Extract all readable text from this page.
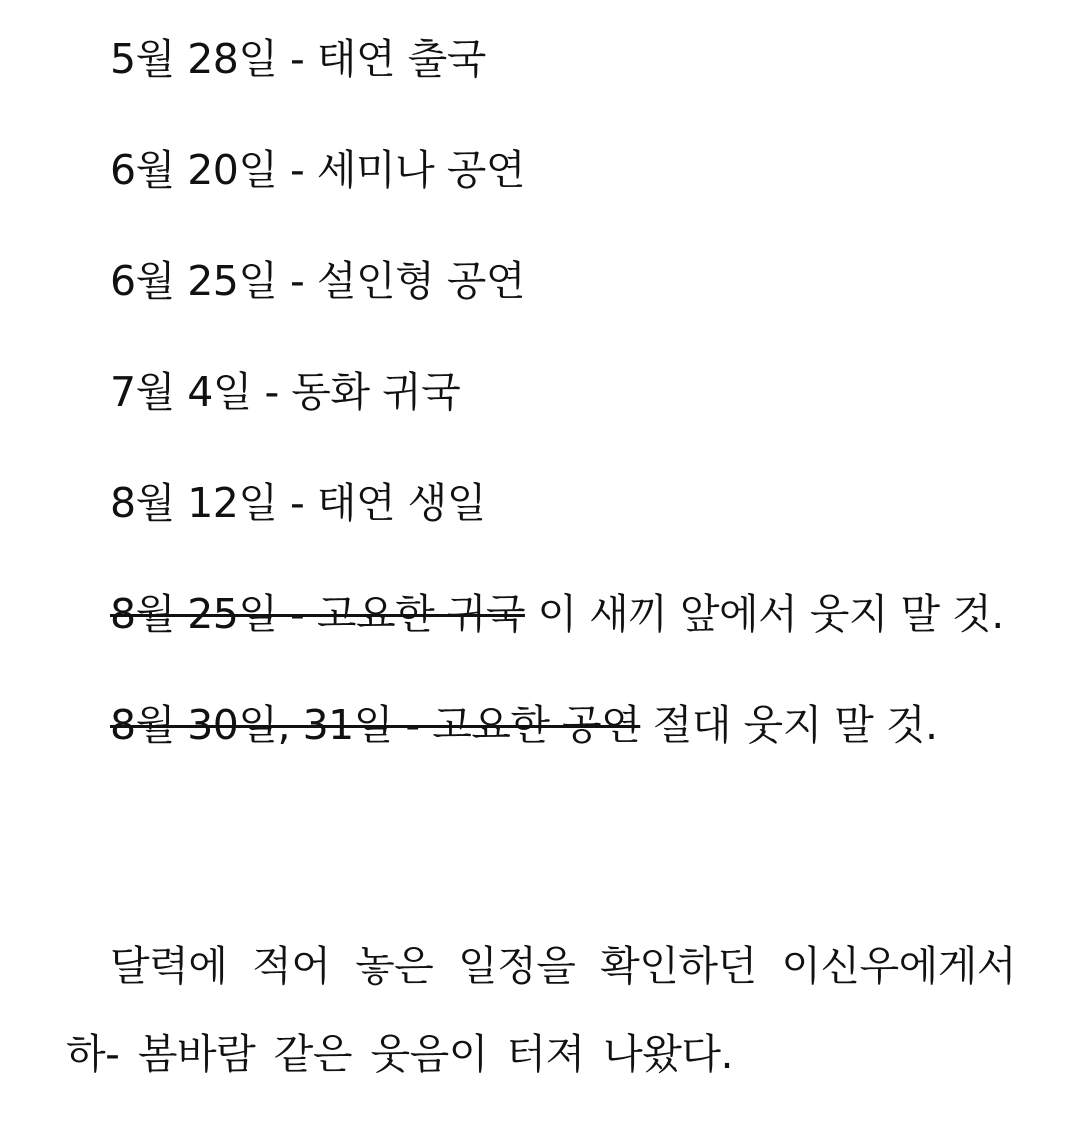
5월 28일 - 태연 출국
6월 20일 - 세미나 공연
6월 25일 - 설인형 공연
7월 4일 - 동화 귀국
8월 12일 - 태연 생일
8월 25일 - 고요한 귀국 이 새끼 앞에서 웃지 말 것.
8월 30일, 31일 - 고요한 공연 절대 웃지 말 것.

달력에 적어 놓은 일정을 확인하던 이신우에게서 하- 봄바람 같은 웃음이 터져 나왔다.
